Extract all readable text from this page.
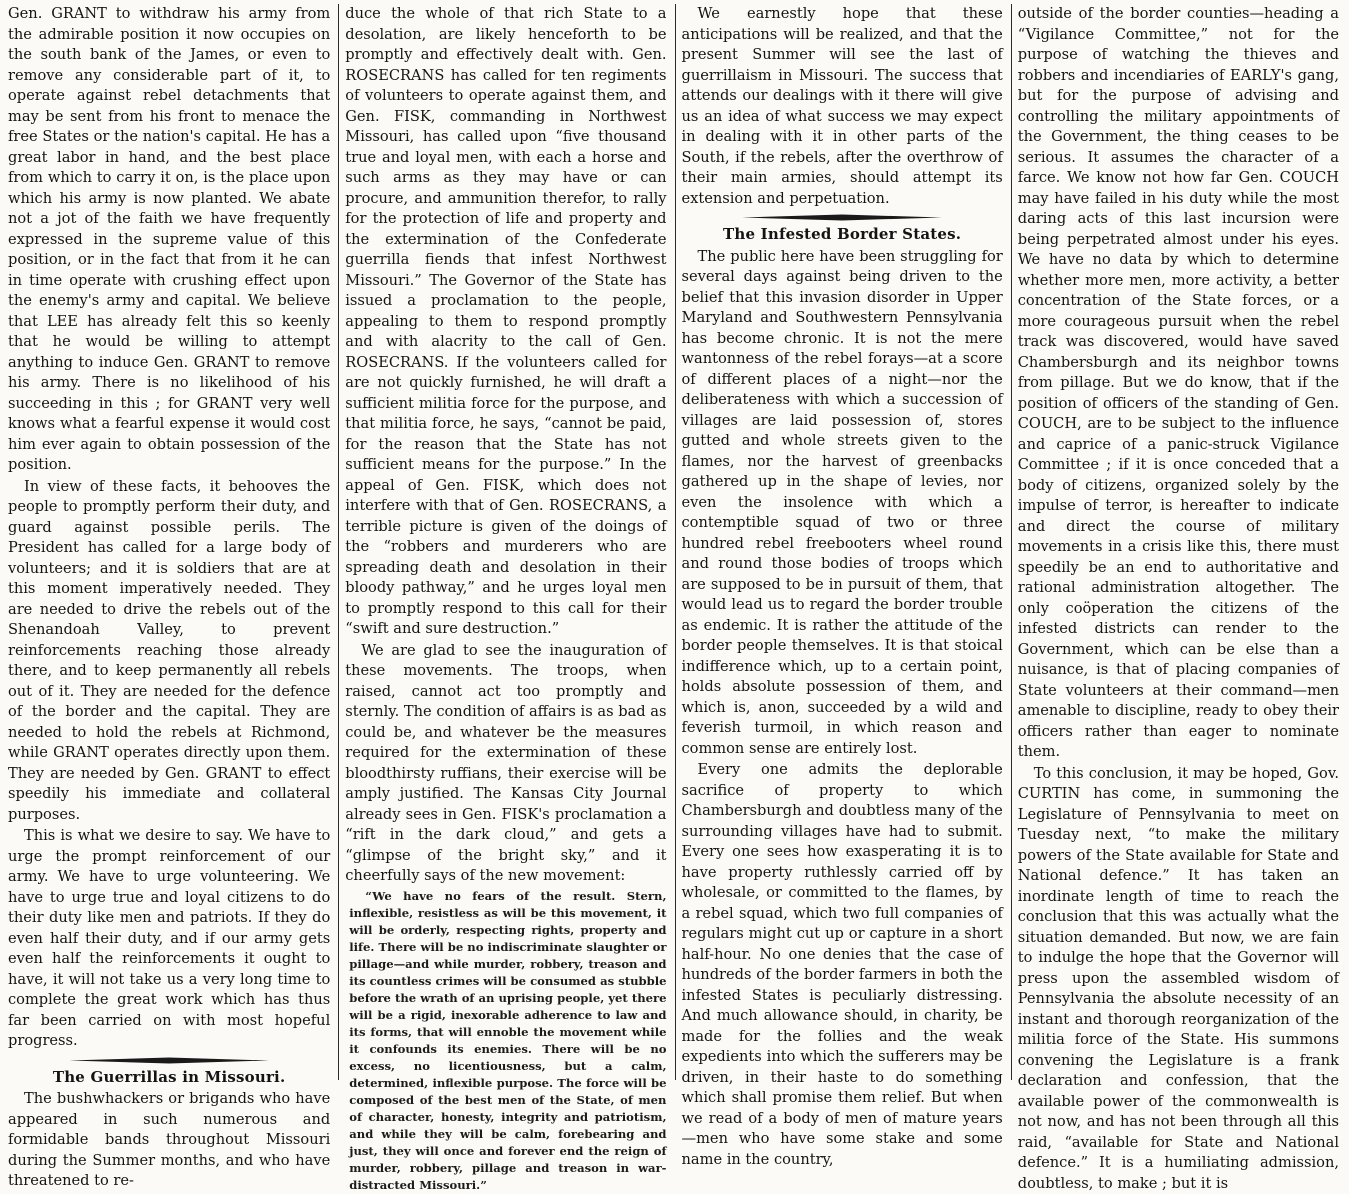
Gen. GRANT to withdraw his army from the admirable position it now occupies on the south bank of the James, or even to remove any considerable part of it, to operate against rebel detachments that may be sent from his front to menace the free States or the nation's capital. He has a great labor in hand, and the best place from which to carry it on, is the place upon which his army is now planted. We abate not a jot of the faith we have frequently expressed in the supreme value of this position, or in the fact that from it he can in time operate with crushing effect upon the enemy's army and capital. We believe that LEE has already felt this so keenly that he would be willing to attempt anything to induce Gen. GRANT to remove his army. There is no likelihood of his succeeding in this ; for GRANT very well knows what a fearful expense it would cost him ever again to obtain possession of the position.

In view of these facts, it behooves the people to promptly perform their duty, and guard against possible perils. The President has called for a large body of volunteers; and it is soldiers that are at this moment imperatively needed. They are needed to drive the rebels out of the Shenandoah Valley, to prevent reinforcements reaching those already there, and to keep permanently all rebels out of it. They are needed for the defence of the border and the capital. They are needed to hold the rebels at Richmond, while GRANT operates directly upon them. They are needed by Gen. GRANT to effect speedily his immediate and collateral purposes.

This is what we desire to say. We have to urge the prompt reinforcement of our army. We have to urge volunteering. We have to urge true and loyal citizens to do their duty like men and patriots. If they do even half their duty, and if our army gets even half the reinforcements it ought to have, it will not take us a very long time to complete the great work which has thus far been carried on with most hopeful progress.

The Guerrillas in Missouri.

The bushwhackers or brigands who have appeared in such numerous and formidable bands throughout Missouri during the Summer months, and who have threatened to re-

duce the whole of that rich State to a desolation, are likely henceforth to be promptly and effectively dealt with. Gen. ROSECRANS has called for ten regiments of volunteers to operate against them, and Gen. FISK, commanding in Northwest Missouri, has called upon “five thousand true and loyal men, with each a horse and such arms as they may have or can procure, and ammunition therefor, to rally for the protection of life and property and the extermination of the Confederate guerrilla fiends that infest Northwest Missouri.” The Governor of the State has issued a proclamation to the people, appealing to them to respond promptly and with alacrity to the call of Gen. ROSECRANS. If the volunteers called for are not quickly furnished, he will draft a sufficient militia force for the purpose, and that militia force, he says, “cannot be paid, for the reason that the State has not sufficient means for the purpose.” In the appeal of Gen. FISK, which does not interfere with that of Gen. ROSECRANS, a terrible picture is given of the doings of the “robbers and murderers who are spreading death and desolation in their bloody pathway,” and he urges loyal men to promptly respond to this call for their “swift and sure destruction.”

We are glad to see the inauguration of these movements. The troops, when raised, cannot act too promptly and sternly. The condition of affairs is as bad as could be, and whatever be the measures required for the extermination of these bloodthirsty ruffians, their exercise will be amply justified. The Kansas City Journal already sees in Gen. FISK's proclamation a “rift in the dark cloud,” and gets a “glimpse of the bright sky,” and it cheerfully says of the new movement:

“We have no fears of the result. Stern, inflexible, resistless as will be this movement, it will be orderly, respecting rights, property and life. There will be no indiscriminate slaughter or pillage—and while murder, robbery, treason and its countless crimes will be consumed as stubble before the wrath of an uprising people, yet there will be a rigid, inexorable adherence to law and its forms, that will ennoble the movement while it confounds its enemies. There will be no excess, no licentiousness, but a calm, determined, inflexible purpose. The force will be composed of the best men of the State, of men of character, honesty, integrity and patriotism, and while they will be calm, forebearing and just, they will once and forever end the reign of murder, robbery, pillage and treason in war-distracted Missouri.”

We earnestly hope that these anticipations will be realized, and that the present Summer will see the last of guerrillaism in Missouri. The success that attends our dealings with it there will give us an idea of what success we may expect in dealing with it in other parts of the South, if the rebels, after the overthrow of their main armies, should attempt its extension and perpetuation.

The Infested Border States.

The public here have been struggling for several days against being driven to the belief that this invasion disorder in Upper Maryland and Southwestern Pennsylvania has become chronic. It is not the mere wantonness of the rebel forays—at a score of different places of a night—nor the deliberateness with which a succession of villages are laid possession of, stores gutted and whole streets given to the flames, nor the harvest of greenbacks gathered up in the shape of levies, nor even the insolence with which a contemptible squad of two or three hundred rebel freebooters wheel round and round those bodies of troops which are supposed to be in pursuit of them, that would lead us to regard the border trouble as endemic. It is rather the attitude of the border people themselves. It is that stoical indifference which, up to a certain point, holds absolute possession of them, and which is, anon, succeeded by a wild and feverish turmoil, in which reason and common sense are entirely lost.

Every one admits the deplorable sacrifice of property to which Chambersburgh and doubtless many of the surrounding villages have had to submit. Every one sees how exasperating it is to have property ruthlessly carried off by wholesale, or committed to the flames, by a rebel squad, which two full companies of regulars might cut up or capture in a short half-hour. No one denies that the case of hundreds of the border farmers in both the infested States is peculiarly distressing. And much allowance should, in charity, be made for the follies and the weak expedients into which the sufferers may be driven, in their haste to do something which shall promise them relief. But when we read of a body of men of mature years—men who have some stake and some name in the country,

outside of the border counties—heading a “Vigilance Committee,” not for the purpose of watching the thieves and robbers and incendiaries of EARLY's gang, but for the purpose of advising and controlling the military appointments of the Government, the thing ceases to be serious. It assumes the character of a farce. We know not how far Gen. COUCH may have failed in his duty while the most daring acts of this last incursion were being perpetrated almost under his eyes. We have no data by which to determine whether more men, more activity, a better concentration of the State forces, or a more courageous pursuit when the rebel track was discovered, would have saved Chambersburgh and its neighbor towns from pillage. But we do know, that if the position of officers of the standing of Gen. COUCH, are to be subject to the influence and caprice of a panic-struck Vigilance Committee ; if it is once conceded that a body of citizens, organized solely by the impulse of terror, is hereafter to indicate and direct the course of military movements in a crisis like this, there must speedily be an end to authoritative and rational administration altogether. The only coöperation the citizens of the infested districts can render to the Government, which can be else than a nuisance, is that of placing companies of State volunteers at their command—men amenable to discipline, ready to obey their officers rather than eager to nominate them.

To this conclusion, it may be hoped, Gov. CURTIN has come, in summoning the Legislature of Pennsylvania to meet on Tuesday next, “to make the military powers of the State available for State and National defence.” It has taken an inordinate length of time to reach the conclusion that this was actually what the situation demanded. But now, we are fain to indulge the hope that the Governor will press upon the assembled wisdom of Pennsylvania the absolute necessity of an instant and thorough reorganization of the militia force of the State. His summons convening the Legislature is a frank declaration and confession, that the available power of the commonwealth is not now, and has not been through all this raid, “available for State and National defence.” It is a humiliating admission, doubtless, to make ; but it is
